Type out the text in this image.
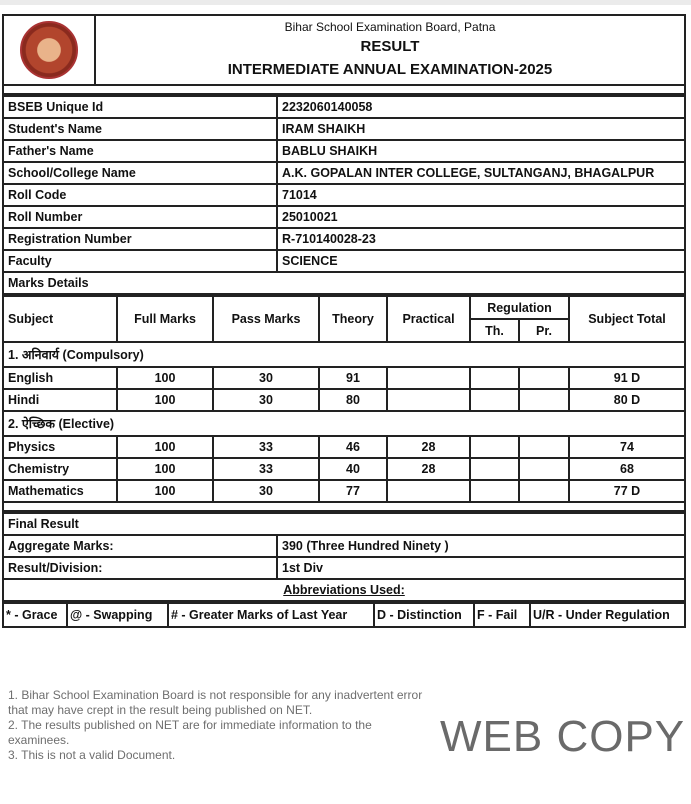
Bihar School Examination Board, Patna
RESULT
INTERMEDIATE ANNUAL EXAMINATION-2025

BSEB Unique Id	2232060140058
Student's Name	IRAM SHAIKH
Father's Name	BABLU SHAIKH
School/College Name	A.K. GOPALAN INTER COLLEGE, SULTANGANJ, BHAGALPUR
Roll Code	71014
Roll Number	25010021
Registration Number	R-710140028-23
Faculty	SCIENCE
Marks Details	
Subject	Full Marks	Pass Marks	Theory	Practical	Regulation		Subject Total
					Th.	Pr.	
1. अनिवार्य (Compulsory)							
English	100	30	91				91 D
Hindi	100	30	80				80 D
2. ऐच्छिक (Elective)							
Physics	100	33	46	28			74
Chemistry	100	33	40	28			68
Mathematics	100	30	77				77 D

Final Result	
Aggregate Marks:	390 (Three Hundred Ninety )
Result/Division:	1st Div
Abbreviations Used:	
* - Grace	@ - Swapping	# - Greater Marks of Last Year	D - Distinction	F - Fail	U/R - Under Regulation
1. Bihar School Examination Board is not responsible for any inadvertent error
that may have crept in the result being published on NET.
2. The results published on NET are for immediate information to the
examinees.
3. This is not a valid Document.	WEB COPY
